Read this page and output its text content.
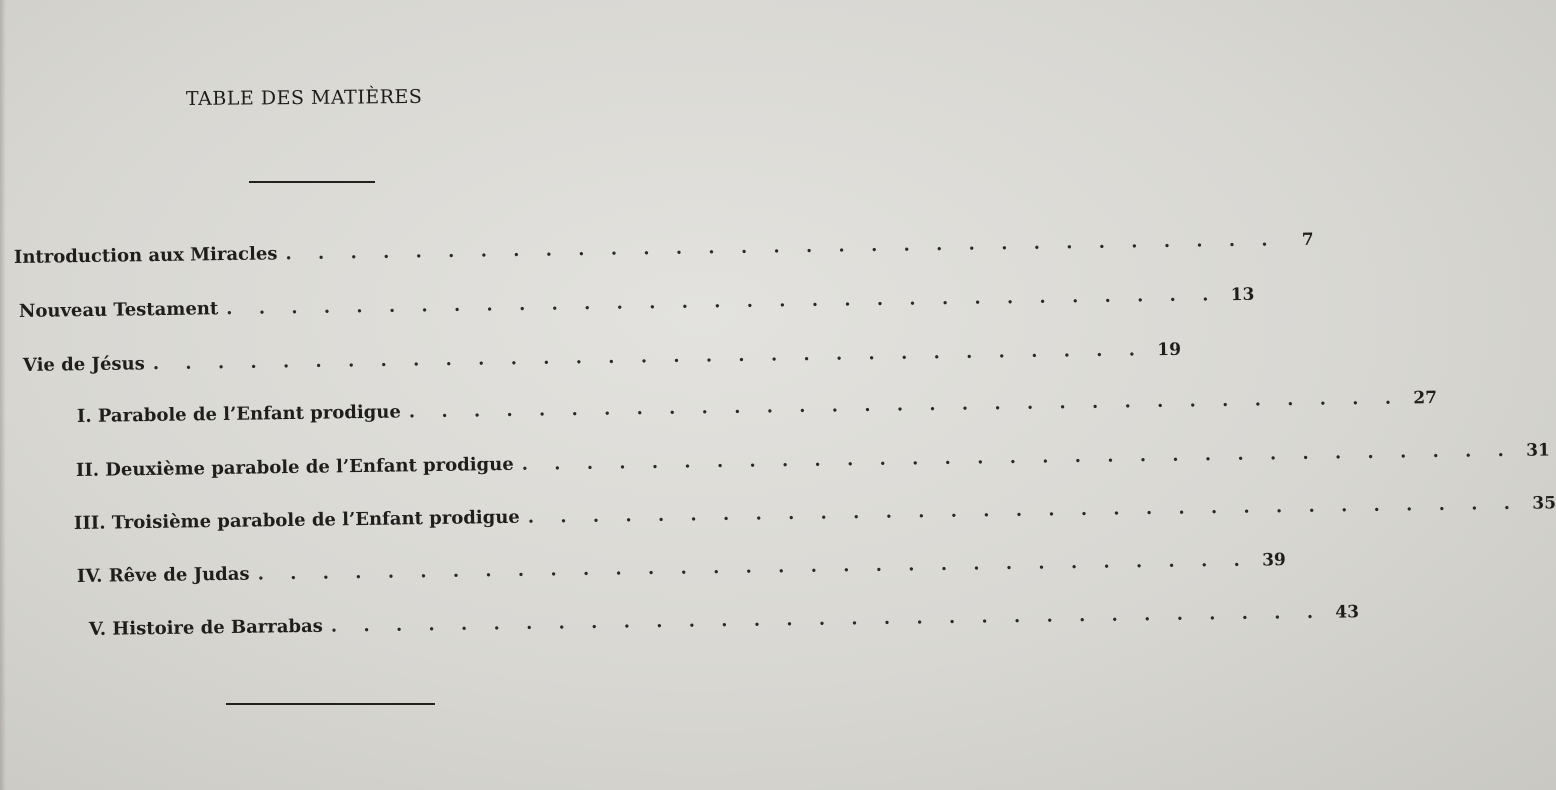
TABLE DES MATIÈRES
Introduction aux Miracles . . . . . . . . . . . . . . . . . . . . . . . . . . . . . . .	7
Nouveau Testament . . . . . . . . . . . . . . . . . . . . . . . . . . . . . . . 13
Vie de Jésus . . . . . . . . . . . . . . . . . . . . . . . . . . . . . . . 19
I. Parabole de l’Enfant prodigue . . . . . . . . . . . . . . . . . . . . . . . . . . . . . . . 27
II. Deuxième parabole de l’Enfant prodigue . . . . . . . . . . . . . . . . . . . . . . . . . . . . . . . 31
III. Troisième parabole de l’Enfant prodigue . . . . . . . . . . . . . . . . . . . . . . . . . . . . . . . 35
IV. Rêve de Judas . . . . . . . . . . . . . . . . . . . . . . . . . . . . . . . 39
V. Histoire de Barrabas . . . . . . . . . . . . . . . . . . . . . . . . . . . . . . . 43
